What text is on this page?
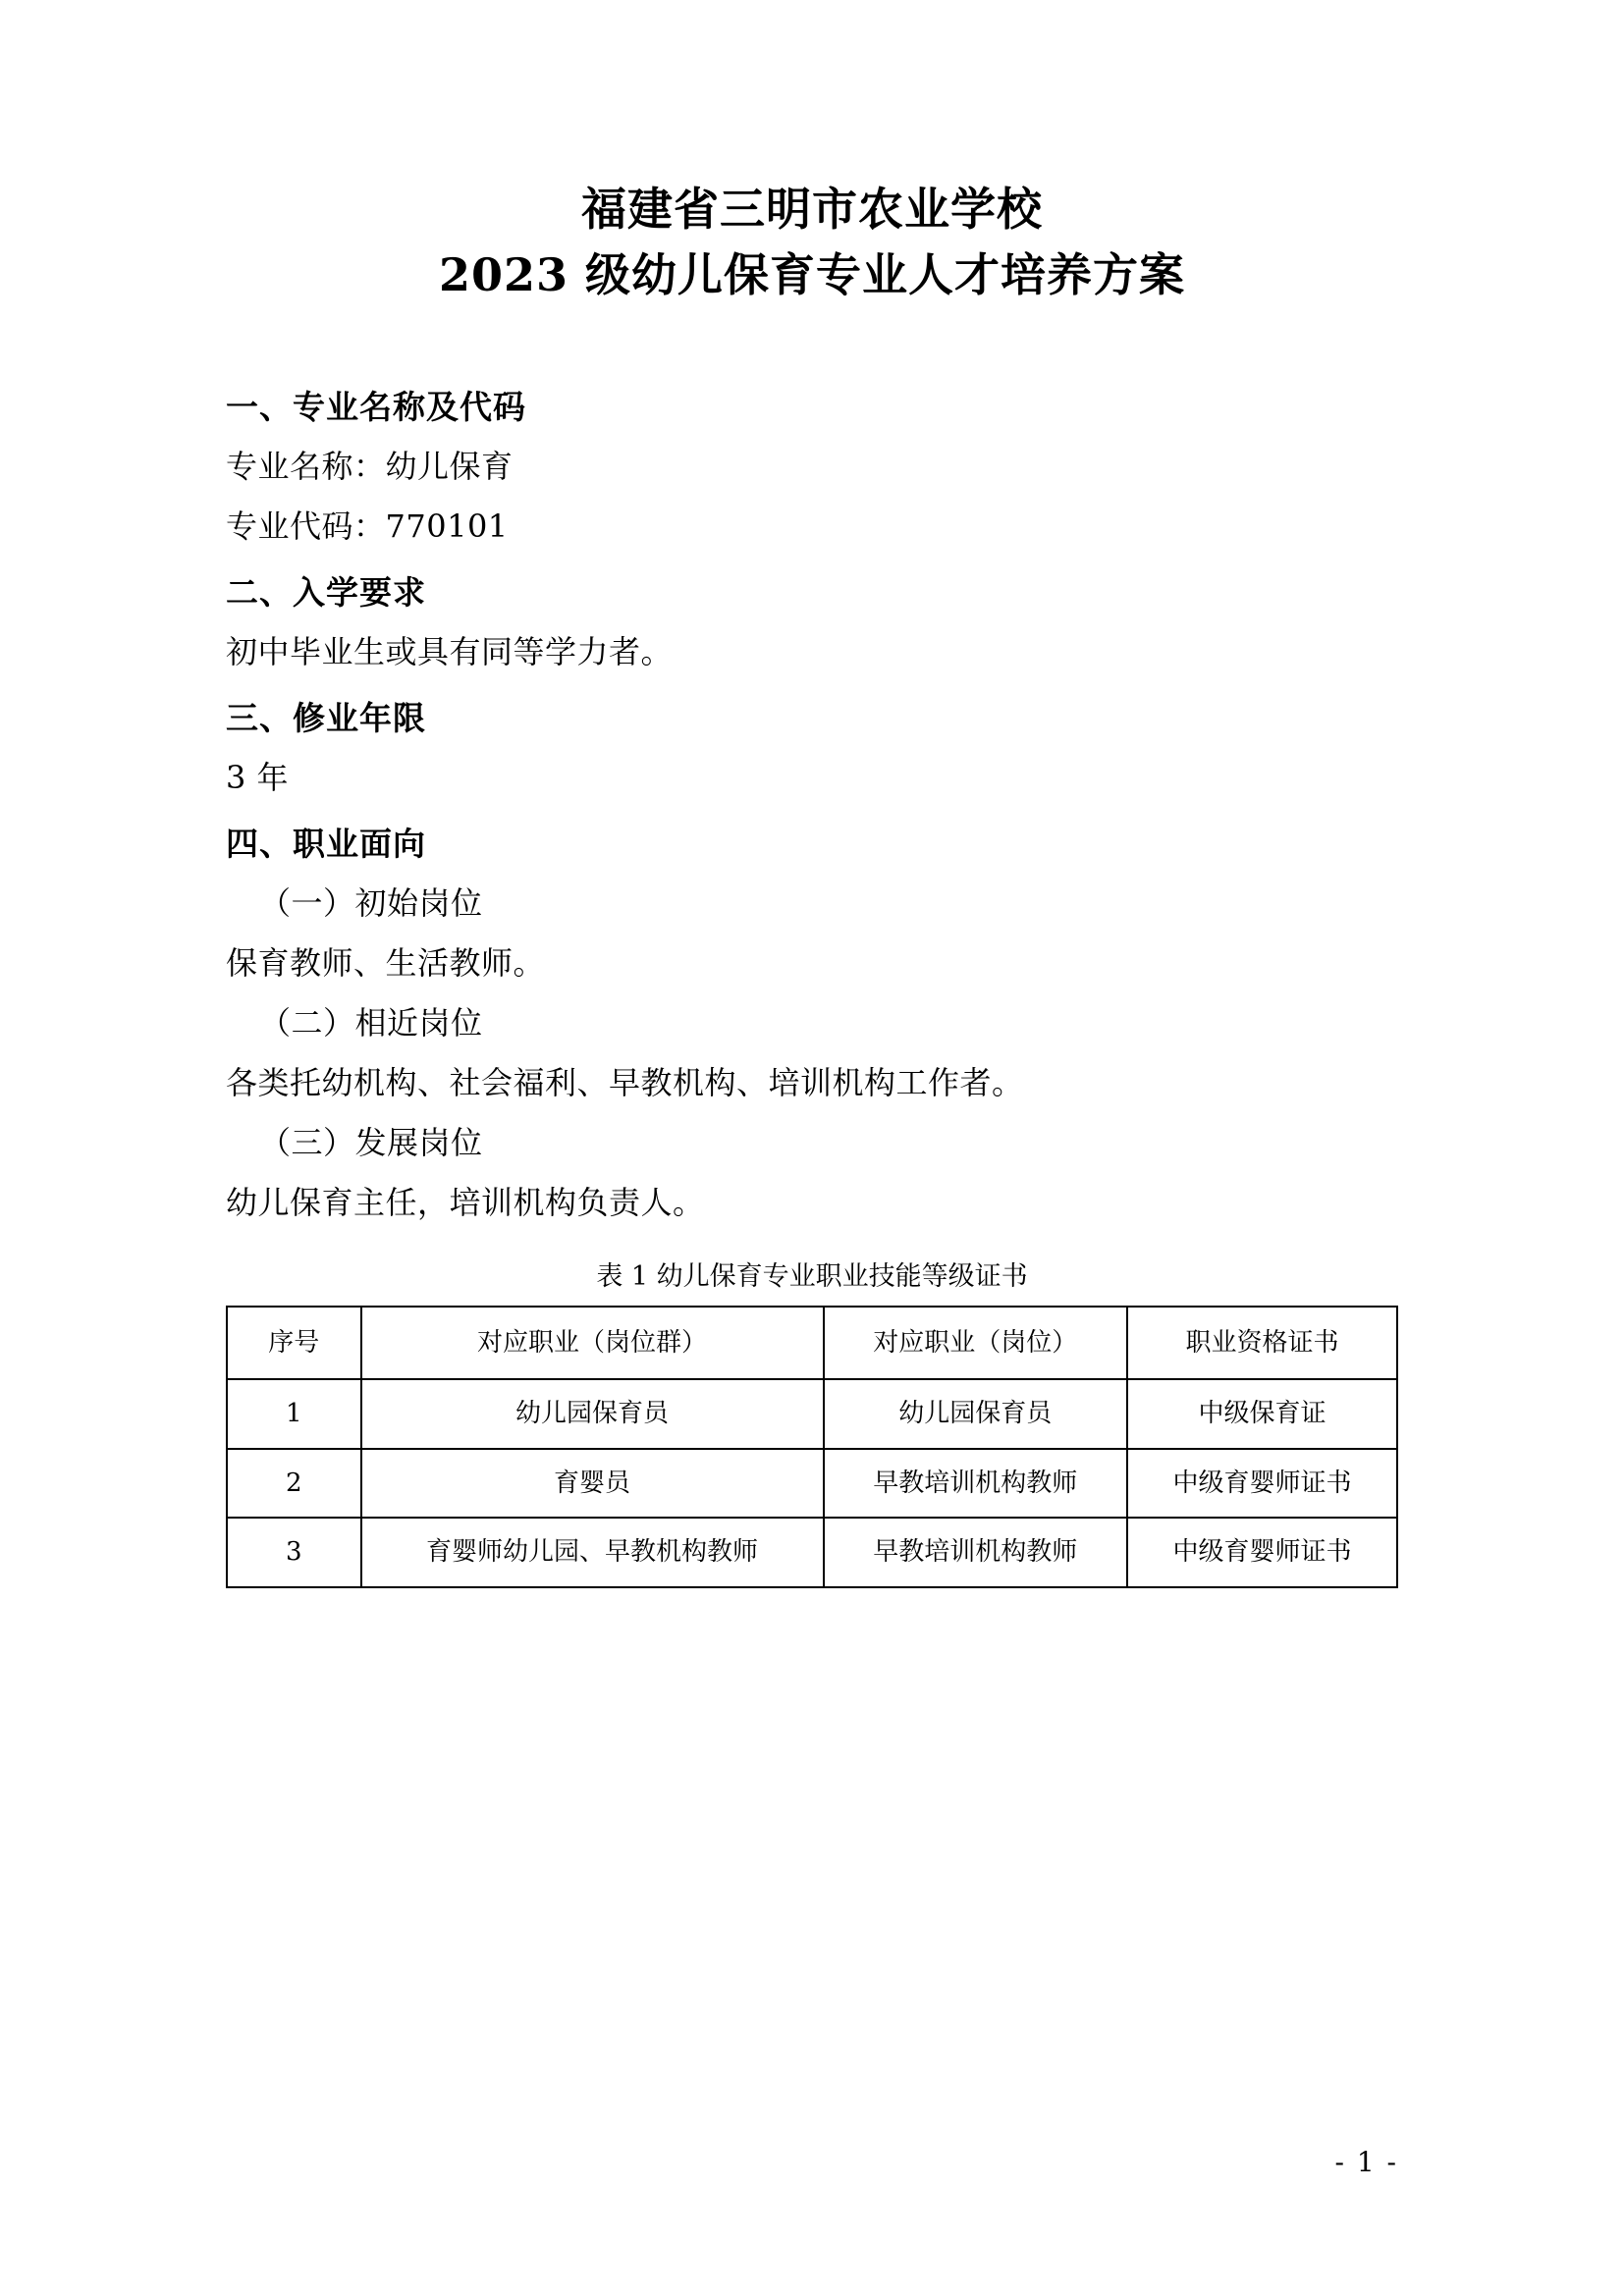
福建省三明市农业学校
2023 级幼儿保育专业人才培养方案
一、专业名称及代码

专业名称：幼儿保育

专业代码：770101

二、入学要求

初中毕业生或具有同等学力者。

三、修业年限

3 年

四、职业面向

（一）初始岗位

保育教师、生活教师。

（二）相近岗位

各类托幼机构、社会福利、早教机构、培训机构工作者。

（三）发展岗位

幼儿保育主任，培训机构负责人。

表 1 幼儿保育专业职业技能等级证书
序号	对应职业（岗位群）	对应职业（岗位）	职业资格证书
1	幼儿园保育员	幼儿园保育员	中级保育证
2	育婴员	早教培训机构教师	中级育婴师证书
3	育婴师幼儿园、早教机构教师	早教培训机构教师	中级育婴师证书
- 1 -
